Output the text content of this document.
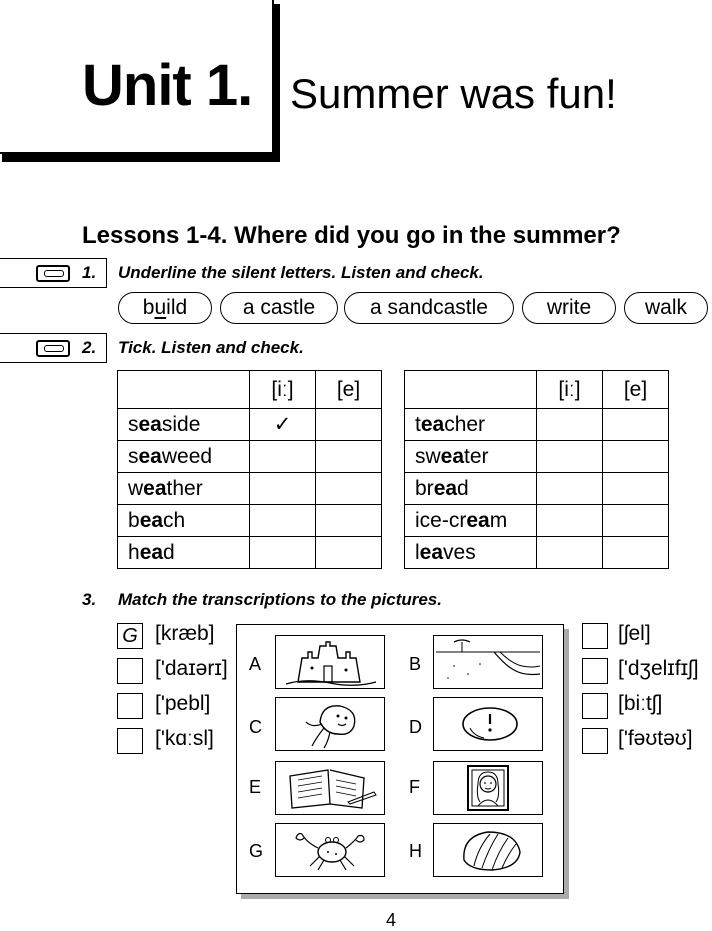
Unit 1. Summer was fun!
Lessons 1-4. Where did you go in the summer?
1. Underline the silent letters. Listen and check.
build	a castle	a sandcastle	write	walk
2. Tick. Listen and check.
	[iː]	[e]
seaside	✓	
seaweed		
weather		
beach		
head		
	[iː]	[e]
teacher		
sweater		
bread		
ice-cream		
leaves		
3. Match the transcriptions to the pictures.
G [kræb]
['daɪərɪ]
['pebl]
['kɑːsl]
[ʃel]
['dʒelɪfɪʃ]
[biːtʃ]
['fəʊtəʊ]
A	B
C	D
E	F
G	H
4
